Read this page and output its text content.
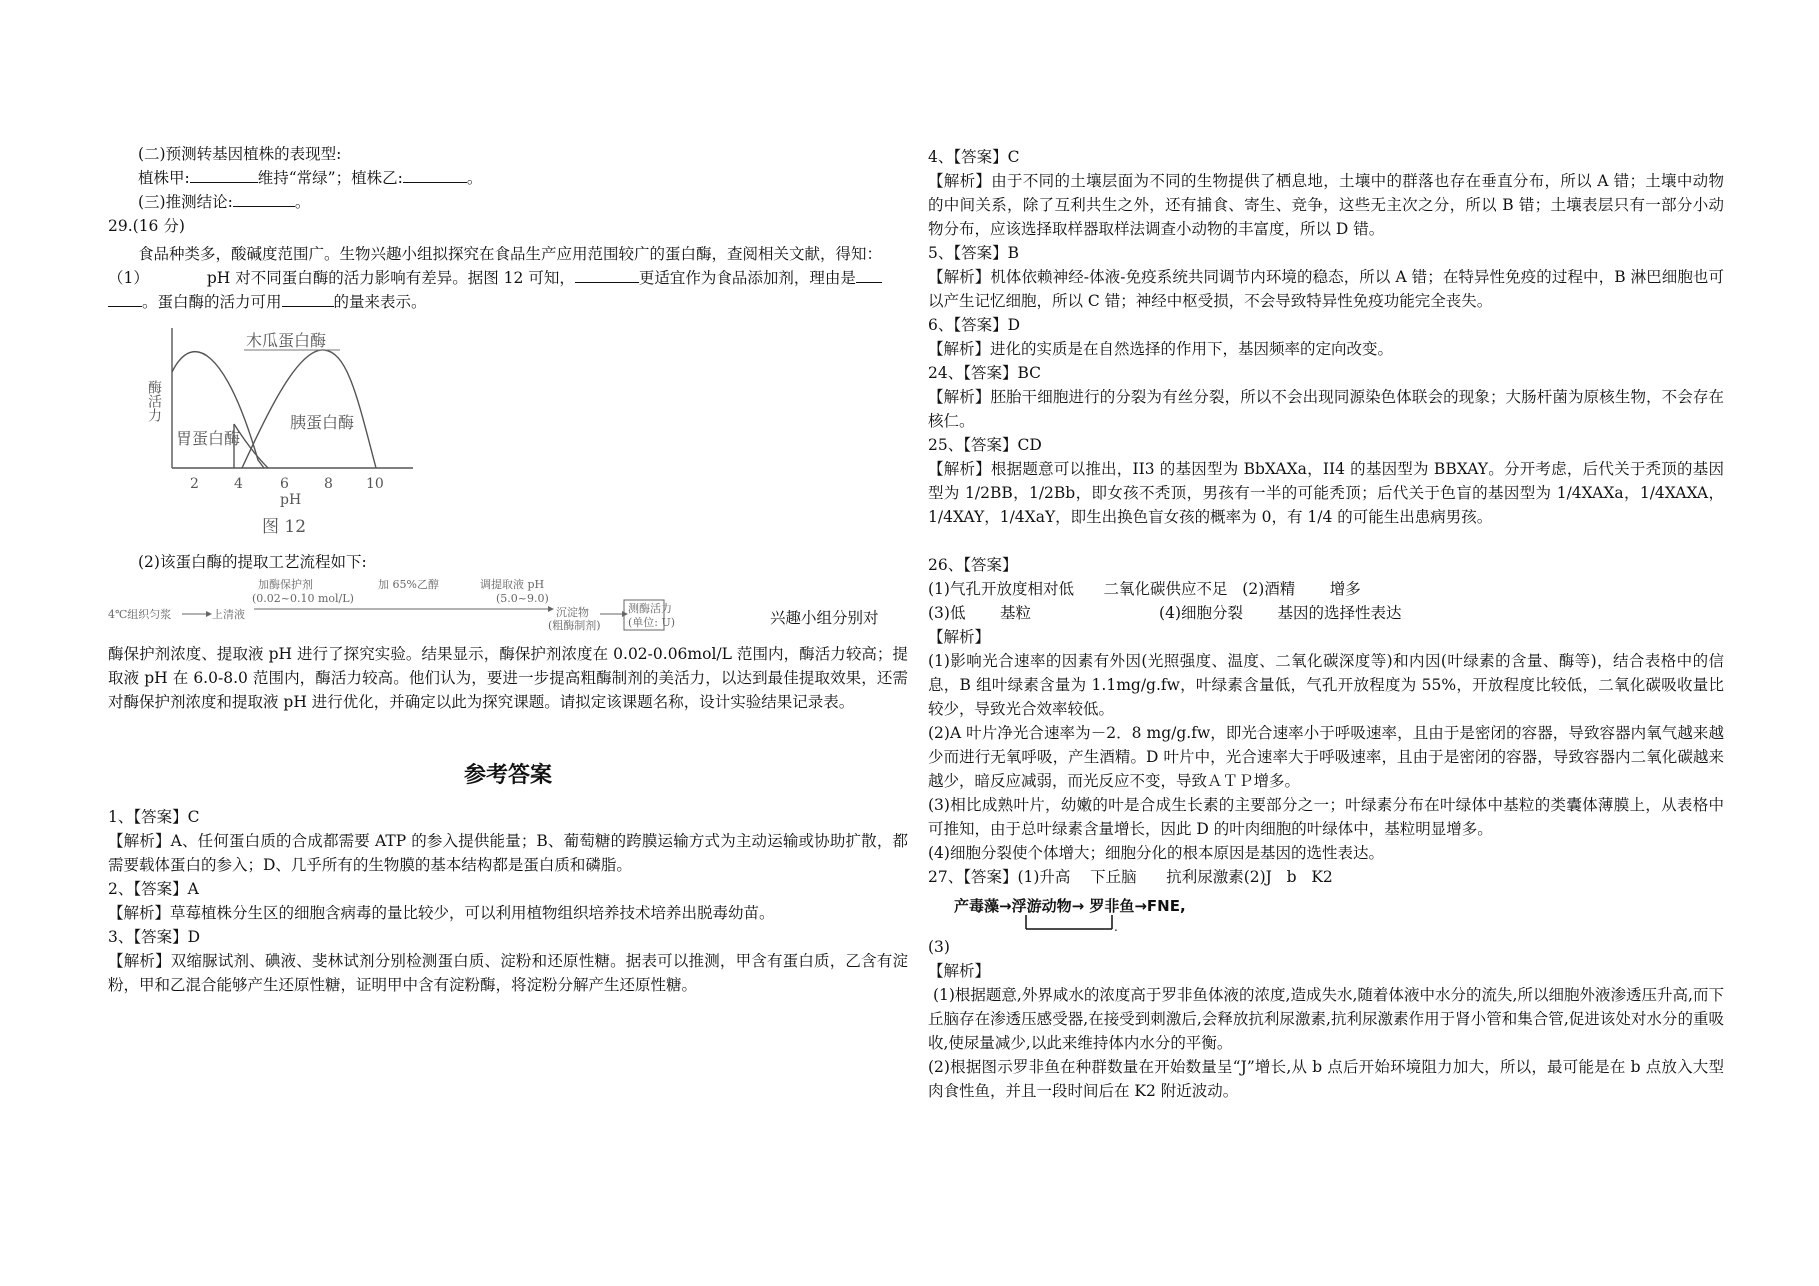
(二)预测转基因植株的表现型:

植株甲:	维持“常绿”；植株乙:	。

(三)推测结论:	。

29.(16 分)

食品种类多，酸碱度范围广。生物兴趣小组拟探究在食品生产应用范围较广的蛋白酶，查阅相关文献，得知：

（1）	pH 对不同蛋白酶的活力影响有差异。据图 12 可知，	更适宜作为食品添加剂，理由是
。蛋白酶的活力可用	的量来表示。

酶活力
木瓜蛋白酶
胃蛋白酶
胰蛋白酶
2	4	6	8 10
pH
图 12

(2)该蛋白酶的提取工艺流程如下:

加酶保护剂
(0.02~0.10 mol/L)
加 65%乙醇	调提取液 pH
(5.0~9.0)
4℃组织匀浆	上清液	沉淀物
(粗酶制剂)
测酶活力
(单位: U)	兴趣小组分别对

酶保护剂浓度、提取液 pH 进行了探究实验。结果显示，酶保护剂浓度在 0.02-0.06mol/L 范围内，酶活力较高；提取液 pH 在 6.0-8.0 范围内，酶活力较高。他们认为，要进一步提高粗酶制剂的美活力，以达到最佳提取效果，还需对酶保护剂浓度和提取液 pH 进行优化，并确定以此为探究课题。请拟定该课题名称，设计实验结果记录表。

参考答案

1、【答案】C

【解析】A、任何蛋白质的合成都需要 ATP 的参入提供能量；B、葡萄糖的跨膜运输方式为主动运输或协助扩散，都需要载体蛋白的参入；D、几乎所有的生物膜的基本结构都是蛋白质和磷脂。

2、【答案】A

【解析】草莓植株分生区的细胞含病毒的量比较少，可以利用植物组织培养技术培养出脱毒幼苗。

3、【答案】D

【解析】双缩脲试剂、碘液、斐林试剂分别检测蛋白质、淀粉和还原性糖。据表可以推测，甲含有蛋白质，乙含有淀粉，甲和乙混合能够产生还原性糖，证明甲中含有淀粉酶，将淀粉分解产生还原性糖。

4、【答案】C

【解析】由于不同的土壤层面为不同的生物提供了栖息地，土壤中的群落也存在垂直分布，所以 A 错；土壤中动物的中间关系，除了互利共生之外，还有捕食、寄生、竞争，这些无主次之分，所以 B 错；土壤表层只有一部分小动物分布，应该选择取样器取样法调查小动物的丰富度，所以 D 错。

5、【答案】B

【解析】机体依赖神经-体液-免疫系统共同调节内环境的稳态，所以 A 错；在特异性免疫的过程中，B 淋巴细胞也可以产生记忆细胞，所以 C 错；神经中枢受损，不会导致特异性免疫功能完全丧失。

6、【答案】D

【解析】进化的实质是在自然选择的作用下，基因频率的定向改变。

24、【答案】BC

【解析】胚胎干细胞进行的分裂为有丝分裂，所以不会出现同源染色体联会的现象；大肠杆菌为原核生物，不会存在核仁。

25、【答案】CD

【解析】根据题意可以推出，II3 的基因型为 BbXAXa，II4 的基因型为 BBXAY。分开考虑，后代关于秃顶的基因型为 1/2BB，1/2Bb，即女孩不秃顶，男孩有一半的可能秃顶；后代关于色盲的基因型为 1/4XAXa，1/4XAXA，1/4XAY，1/4XaY，即生出换色盲女孩的概率为 0，有 1/4 的可能生出患病男孩。

26、【答案】

(1)气孔开放度相对低      二氧化碳供应不足   (2)酒精       增多

(3)低       基粒                          (4)细胞分裂       基因的选择性表达

【解析】

(1)影响光合速率的因素有外因(光照强度、温度、二氧化碳深度等)和内因(叶绿素的含量、酶等)，结合表格中的信息，B 组叶绿素含量为 1.1mg/g.fw，叶绿素含量低，气孔开放程度为 55%，开放程度比较低，二氧化碳吸收量比较少，导致光合效率较低。

(2)A 叶片净光合速率为－2．8 mg/g.fw，即光合速率小于呼吸速率，且由于是密闭的容器，导致容器内氧气越来越少而进行无氧呼吸，产生酒精。D 叶片中，光合速率大于呼吸速率，且由于是密闭的容器，导致容器内二氧化碳越来越少，暗反应减弱，而光反应不变，导致ＡＴＰ增多。

(3)相比成熟叶片，幼嫩的叶是合成生长素的主要部分之一；叶绿素分布在叶绿体中基粒的类囊体薄膜上，从表格中可推知，由于总叶绿素含量增长，因此 D 的叶肉细胞的叶绿体中，基粒明显增多。

(4)细胞分裂使个体增大；细胞分化的根本原因是基因的选性表达。

27、【答案】(1)升高    下丘脑      抗利尿激素(2)J   b   K2

产毒藻→浮游动物→ 罗非鱼→FNE,
.

(3)

【解析】

(1)根据题意,外界咸水的浓度高于罗非鱼体液的浓度,造成失水,随着体液中水分的流失,所以细胞外液渗透压升高,而下丘脑存在渗透压感受器,在接受到刺激后,会释放抗利尿激素,抗利尿激素作用于肾小管和集合管,促进该处对水分的重吸收,使尿量减少,以此来维持体内水分的平衡。

(2)根据图示罗非鱼在种群数量在开始数量呈“J”增长,从 b 点后开始环境阻力加大，所以，最可能是在 b 点放入大型肉食性鱼，并且一段时间后在 K2 附近波动。
